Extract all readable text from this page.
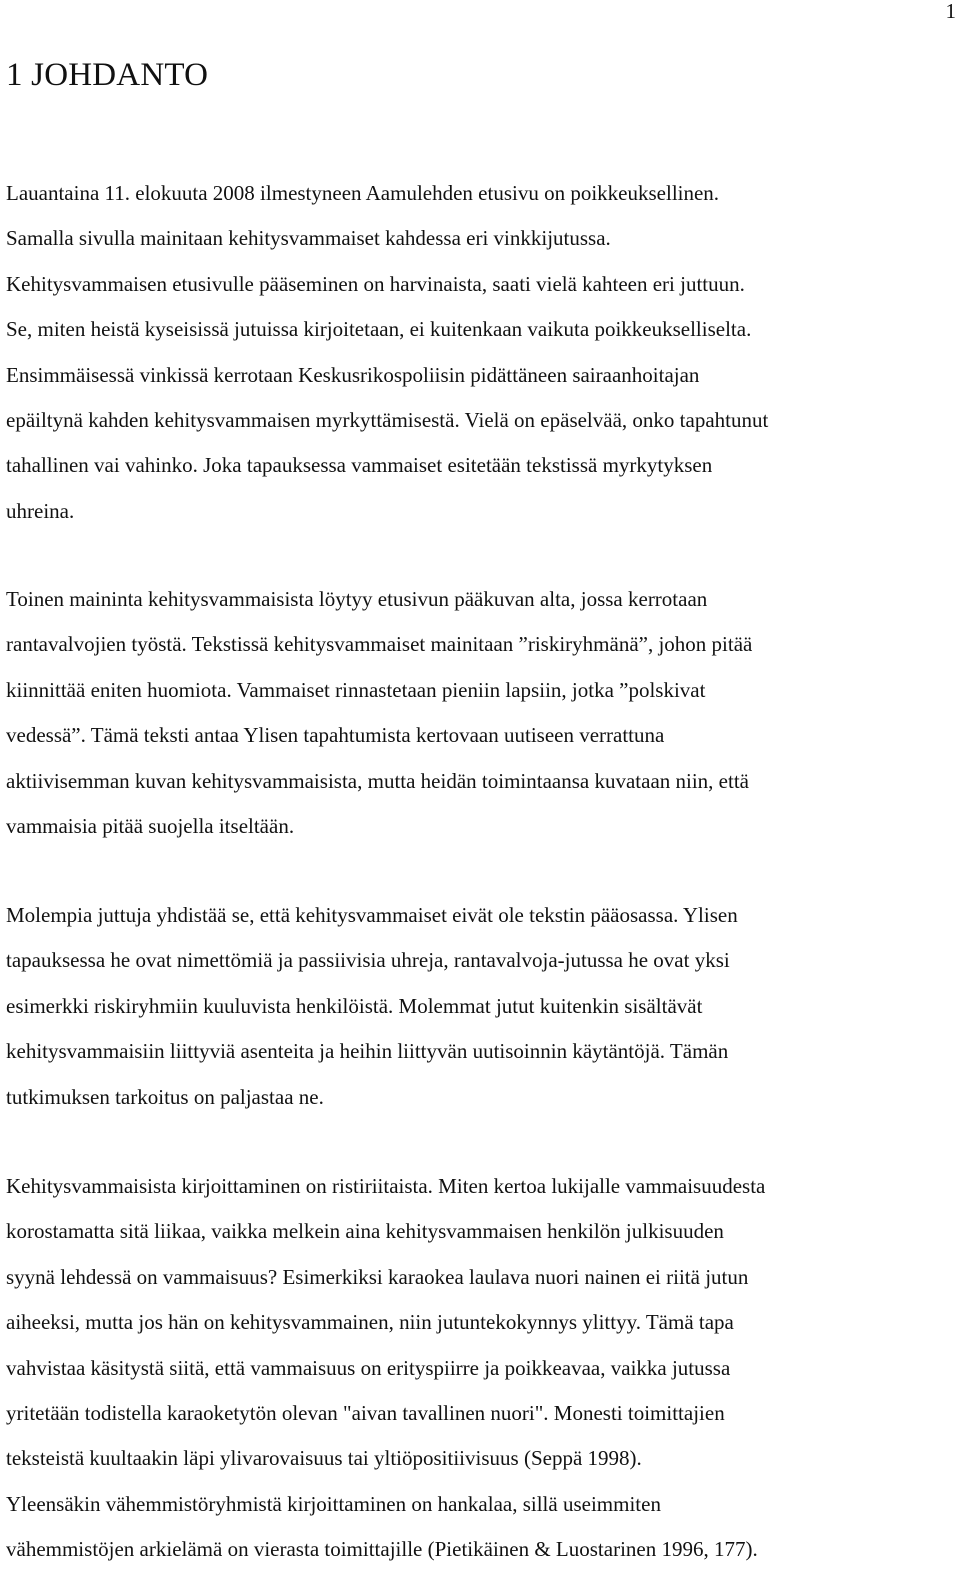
1
1 JOHDANTO

Lauantaina 11. elokuuta 2008 ilmestyneen Aamulehden etusivu on poikkeuksellinen.
Samalla sivulla mainitaan kehitysvammaiset kahdessa eri vinkkijutussa.
Kehitysvammaisen etusivulle pääseminen on harvinaista, saati vielä kahteen eri juttuun.
Se, miten heistä kyseisissä jutuissa kirjoitetaan, ei kuitenkaan vaikuta poikkeukselliselta.
Ensimmäisessä vinkissä kerrotaan Keskusrikospoliisin pidättäneen sairaanhoitajan
epäiltynä kahden kehitysvammaisen myrkyttämisestä. Vielä on epäselvää, onko tapahtunut
tahallinen vai vahinko. Joka tapauksessa vammaiset esitetään tekstissä myrkytyksen
uhreina.

Toinen maininta kehitysvammaisista löytyy etusivun pääkuvan alta, jossa kerrotaan
rantavalvojien työstä. Tekstissä kehitysvammaiset mainitaan ”riskiryhmänä”, johon pitää
kiinnittää eniten huomiota. Vammaiset rinnastetaan pieniin lapsiin, jotka ”polskivat
vedessä”. Tämä teksti antaa Ylisen tapahtumista kertovaan uutiseen verrattuna
aktiivisemman kuvan kehitysvammaisista, mutta heidän toimintaansa kuvataan niin, että
vammaisia pitää suojella itseltään.

Molempia juttuja yhdistää se, että kehitysvammaiset eivät ole tekstin pääosassa. Ylisen
tapauksessa he ovat nimettömiä ja passiivisia uhreja, rantavalvoja-jutussa he ovat yksi
esimerkki riskiryhmiin kuuluvista henkilöistä. Molemmat jutut kuitenkin sisältävät
kehitysvammaisiin liittyviä asenteita ja heihin liittyvän uutisoinnin käytäntöjä. Tämän
tutkimuksen tarkoitus on paljastaa ne.

Kehitysvammaisista kirjoittaminen on ristiriitaista. Miten kertoa lukijalle vammaisuudesta
korostamatta sitä liikaa, vaikka melkein aina kehitysvammaisen henkilön julkisuuden
syynä lehdessä on vammaisuus? Esimerkiksi karaokea laulava nuori nainen ei riitä jutun
aiheeksi, mutta jos hän on kehitysvammainen, niin jutuntekokynnys ylittyy. Tämä tapa
vahvistaa käsitystä siitä, että vammaisuus on erityspiirre ja poikkeavaa, vaikka jutussa
yritetään todistella karaoketytön olevan "aivan tavallinen nuori". Monesti toimittajien
teksteistä kuultaakin läpi ylivarovaisuus tai yltiöpositiivisuus (Seppä 1998).
Yleensäkin vähemmistöryhmistä kirjoittaminen on hankalaa, sillä useimmiten
vähemmistöjen arkielämä on vierasta toimittajille (Pietikäinen & Luostarinen 1996, 177).
